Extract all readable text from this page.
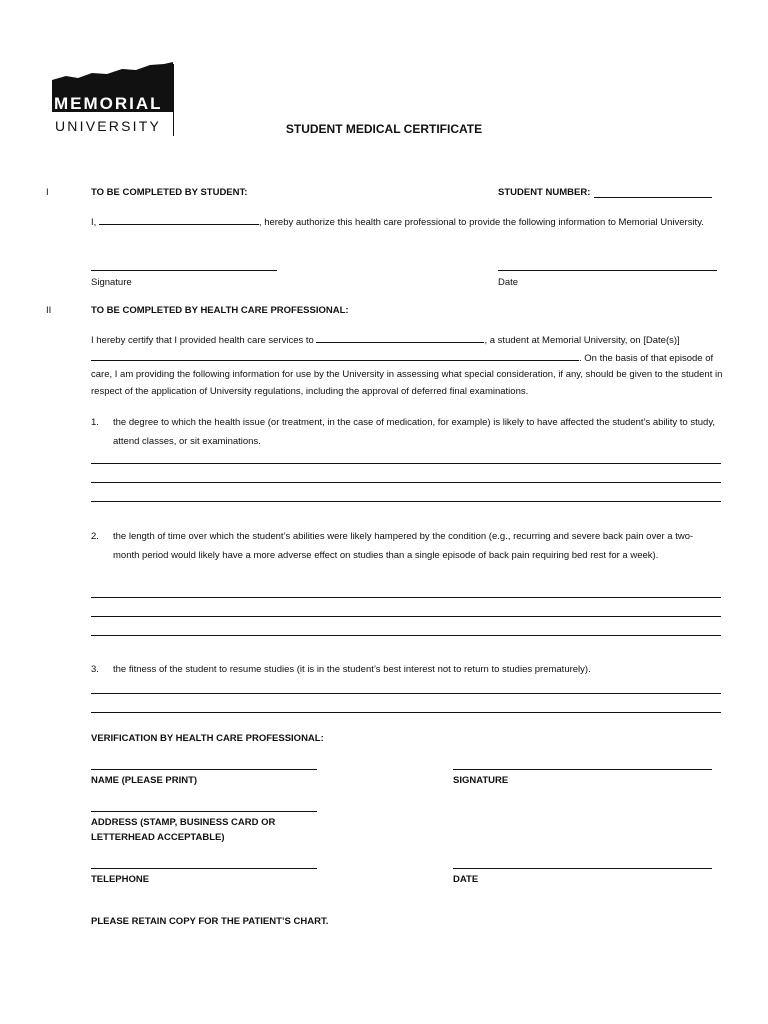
MEMORIAL
UNIVERSITY	STUDENT MEDICAL CERTIFICATE
I	TO BE COMPLETED BY STUDENT:	STUDENT NUMBER:
I,	, hereby authorize this health care professional to provide the following information to Memorial University.
Signature	Date
II	TO BE COMPLETED BY HEALTH CARE PROFESSIONAL:
I hereby certify that I provided health care services to	, a student at Memorial University, on [Date(s)] . On the basis of that episode of care, I am providing the following information for use by the University in assessing what special consideration, if any, should be given to the student in respect of the application of University regulations, including the approval of deferred final examinations.
1. the degree to which the health issue (or treatment, in the case of medication, for example) is likely to have affected the student’s ability to study, attend classes, or sit examinations.
2. the length of time over which the student’s abilities were likely hampered by the condition (e.g., recurring and severe back pain over a two-month period would likely have a more adverse effect on studies than a single episode of back pain requiring bed rest for a week).
3. the fitness of the student to resume studies (it is in the student’s best interest not to return to studies prematurely).
VERIFICATION BY HEALTH CARE PROFESSIONAL:
NAME (PLEASE PRINT)	SIGNATURE
ADDRESS (STAMP, BUSINESS CARD OR
LETTERHEAD ACCEPTABLE)
TELEPHONE	DATE
PLEASE RETAIN COPY FOR THE PATIENT’S CHART.
